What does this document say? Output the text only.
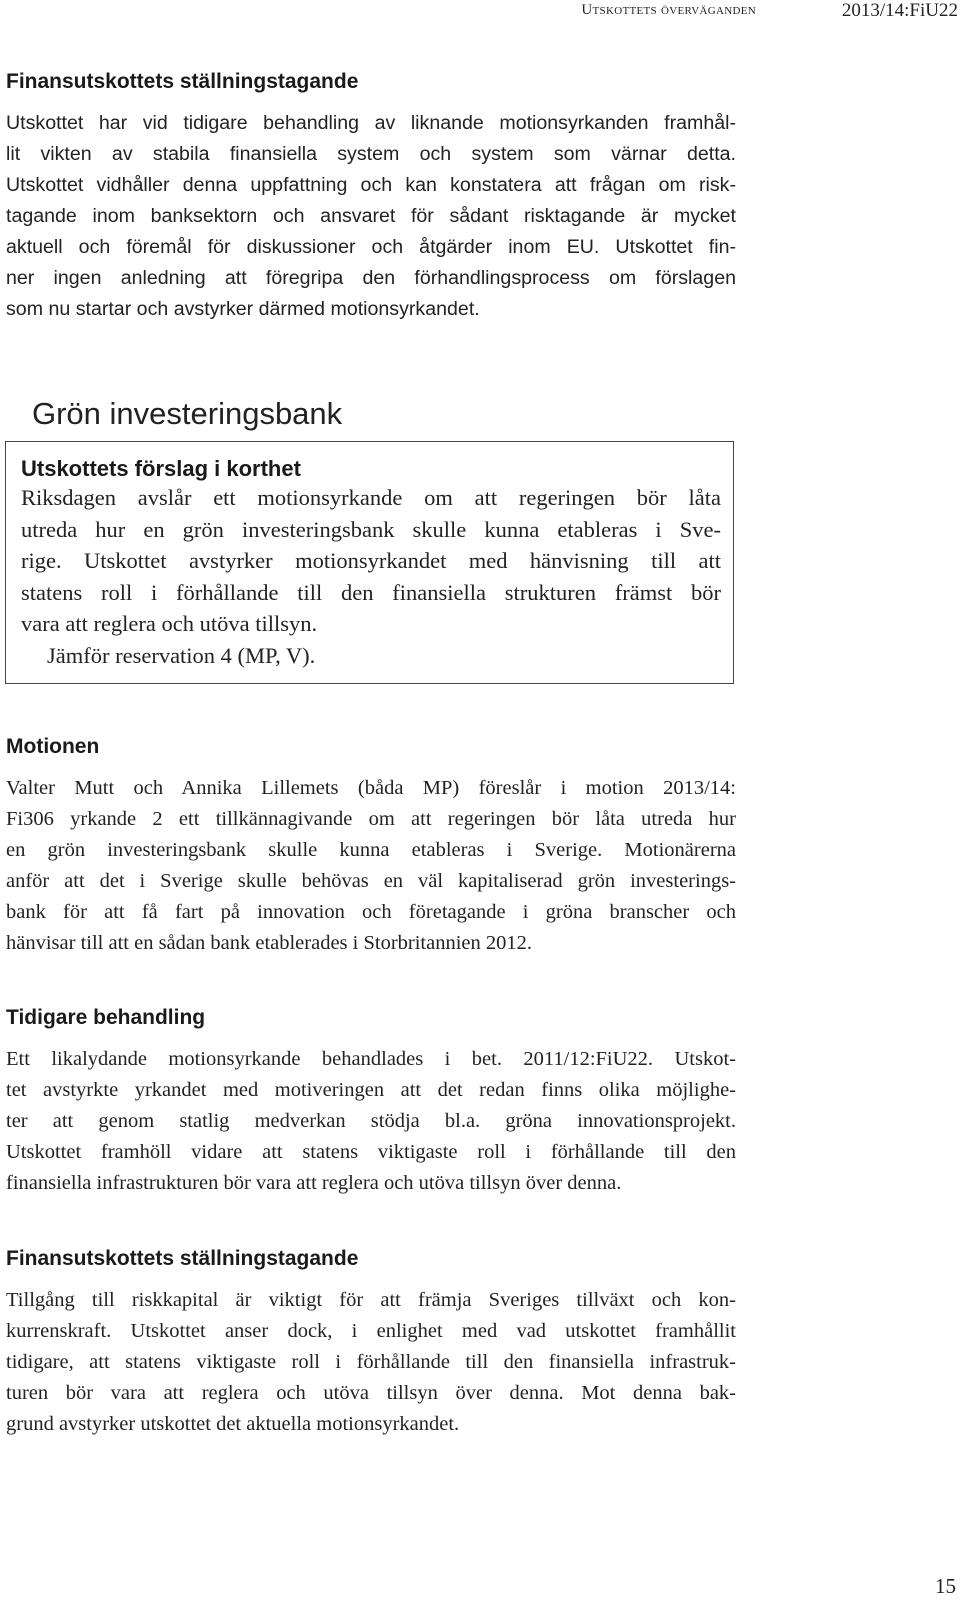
Utskottets överväganden	2013/14:FiU22
Finansutskottets ställningstagande
Utskottet har vid tidigare behandling av liknande motionsyrkanden framhål-
lit vikten av stabila finansiella system och system som värnar detta.
Utskottet vidhåller denna uppfattning och kan konstatera att frågan om risk-
tagande inom banksektorn och ansvaret för sådant risktagande är mycket
aktuell och föremål för diskussioner och åtgärder inom EU. Utskottet fin-
ner ingen anledning att föregripa den förhandlingsprocess om förslagen
som nu startar och avstyrker därmed motionsyrkandet.
Grön investeringsbank
Utskottets förslag i korthet
Riksdagen avslår ett motionsyrkande om att regeringen bör låta
utreda hur en grön investeringsbank skulle kunna etableras i Sve-
rige. Utskottet avstyrker motionsyrkandet med hänvisning till att
statens roll i förhållande till den finansiella strukturen främst bör
vara att reglera och utöva tillsyn.
Jämför reservation 4 (MP, V).
Motionen
Valter Mutt och Annika Lillemets (båda MP) föreslår i motion 2013/14:
Fi306 yrkande 2 ett tillkännagivande om att regeringen bör låta utreda hur
en grön investeringsbank skulle kunna etableras i Sverige. Motionärerna
anför att det i Sverige skulle behövas en väl kapitaliserad grön investerings-
bank för att få fart på innovation och företagande i gröna branscher och
hänvisar till att en sådan bank etablerades i Storbritannien 2012.
Tidigare behandling
Ett likalydande motionsyrkande behandlades i bet. 2011/12:FiU22. Utskot-
tet avstyrkte yrkandet med motiveringen att det redan finns olika möjlighe-
ter att genom statlig medverkan stödja bl.a. gröna innovationsprojekt.
Utskottet framhöll vidare att statens viktigaste roll i förhållande till den
finansiella infrastrukturen bör vara att reglera och utöva tillsyn över denna.
Finansutskottets ställningstagande
Tillgång till riskkapital är viktigt för att främja Sveriges tillväxt och kon-
kurrenskraft. Utskottet anser dock, i enlighet med vad utskottet framhållit
tidigare, att statens viktigaste roll i förhållande till den finansiella infrastruk-
turen bör vara att reglera och utöva tillsyn över denna. Mot denna bak-
grund avstyrker utskottet det aktuella motionsyrkandet.
15
